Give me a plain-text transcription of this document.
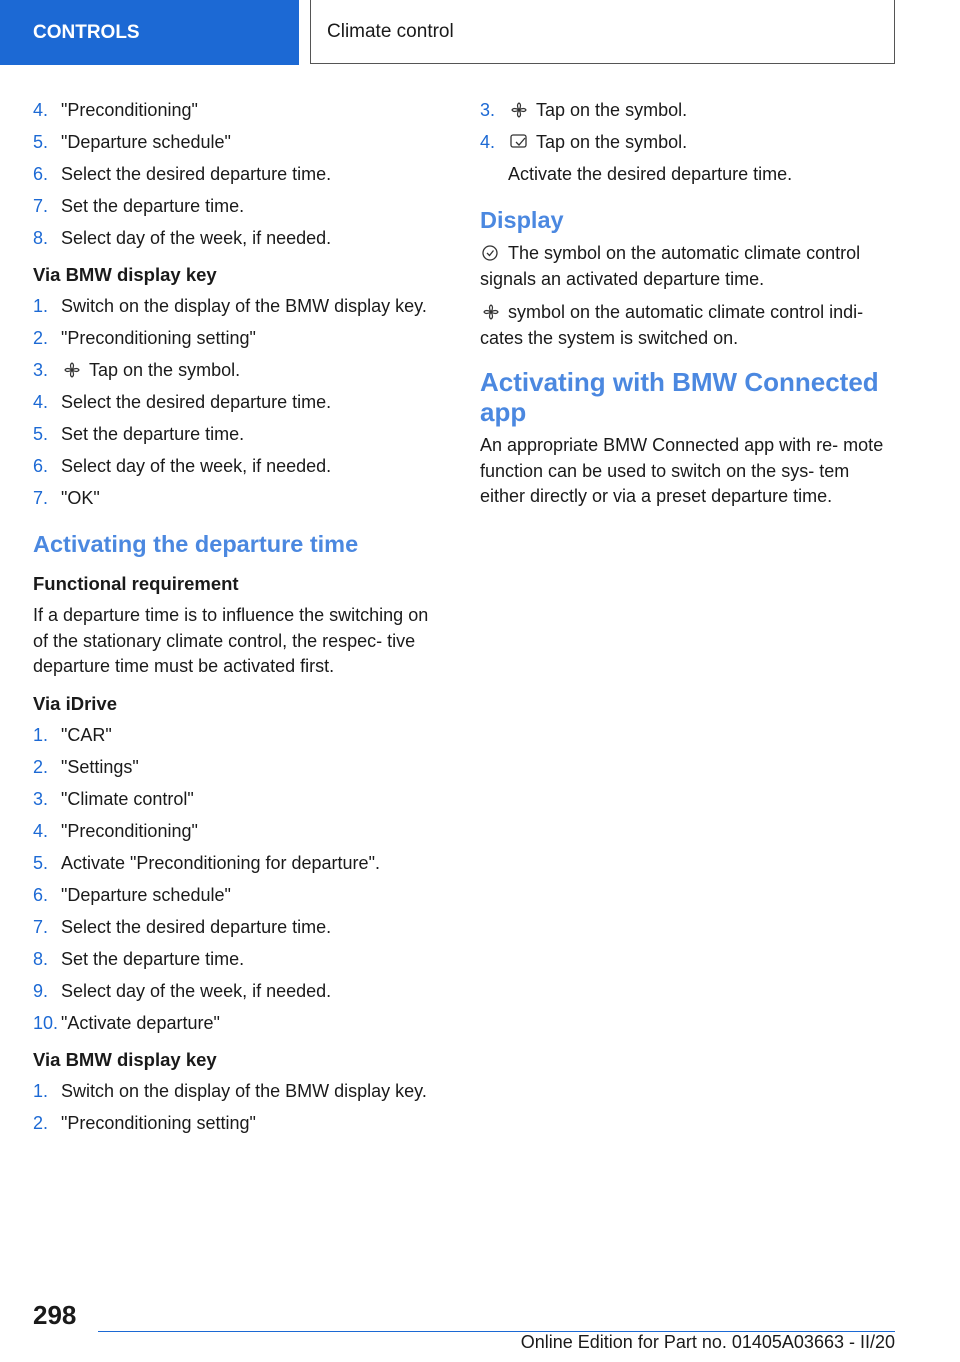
CONTROLS	Climate control
4. "Preconditioning"
5. "Departure schedule"
6. Select the desired departure time.
7. Set the departure time.
8. Select day of the week, if needed.
Via BMW display key
1. Switch on the display of the BMW display key.
2. "Preconditioning setting"
3. Tap on the symbol.
4. Select the desired departure time.
5. Set the departure time.
6. Select day of the week, if needed.
7. "OK"
Activating the departure time
Functional requirement
If a departure time is to influence the switching on of the stationary climate control, the respec‐ tive departure time must be activated first.
Via iDrive
1. "CAR"
2. "Settings"
3. "Climate control"
4. "Preconditioning"
5. Activate "Preconditioning for departure".
6. "Departure schedule"
7. Select the desired departure time.
8. Set the departure time.
9. Select day of the week, if needed.
10. "Activate departure"
Via BMW display key
1. Switch on the display of the BMW display key.
2. "Preconditioning setting"
3. Tap on the symbol.
4. Tap on the symbol.
Activate the desired departure time.
Display
The symbol on the automatic climate control signals an activated departure time.
symbol on the automatic climate control indi‐ cates the system is switched on.
Activating with BMW Connected app
An appropriate BMW Connected app with re‐ mote function can be used to switch on the sys‐ tem either directly or via a preset departure time.
298
Online Edition for Part no. 01405A03663 - II/20
